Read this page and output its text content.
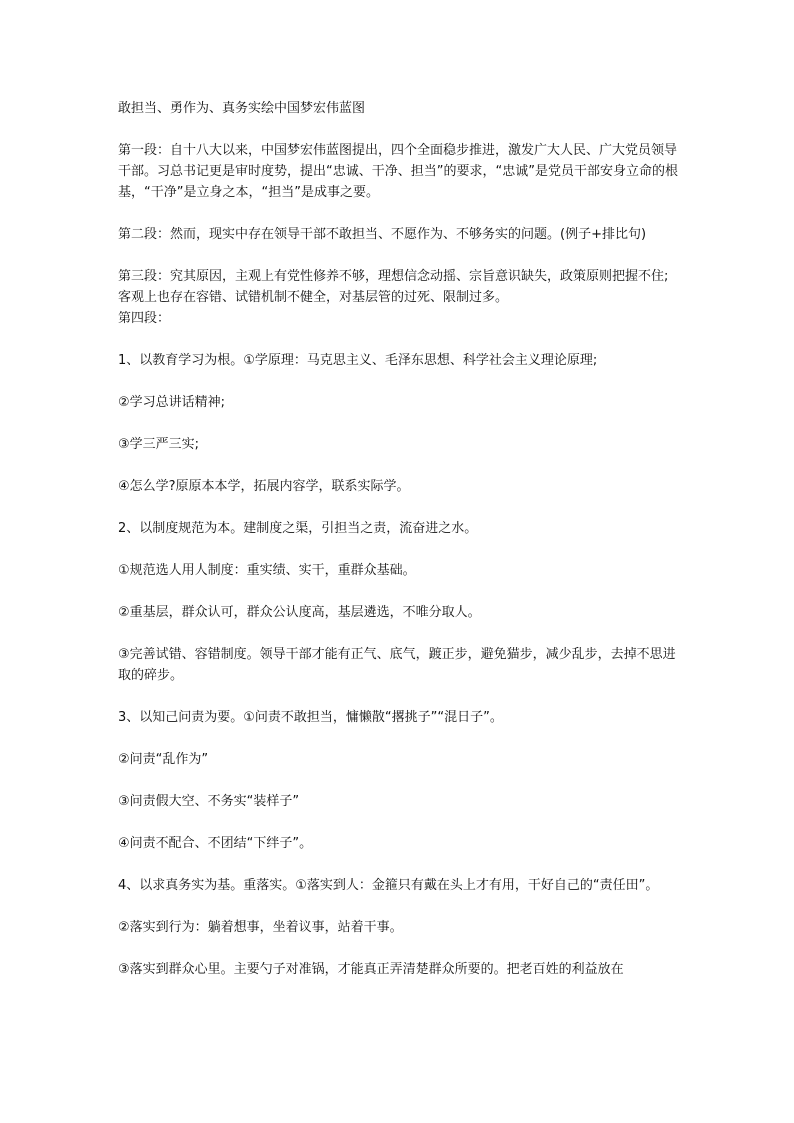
敢担当、勇作为、真务实绘中国梦宏伟蓝图

第一段：自十八大以来，中国梦宏伟蓝图提出，四个全面稳步推进，激发广大人民、广大党员领导干部。习总书记更是审时度势，提出“忠诚、干净、担当”的要求，“忠诚”是党员干部安身立命的根基，“干净”是立身之本，“担当”是成事之要。

第二段：然而，现实中存在领导干部不敢担当、不愿作为、不够务实的问题。(例子+排比句)

第三段：究其原因，主观上有党性修养不够，理想信念动摇、宗旨意识缺失，政策原则把握不住;客观上也存在容错、试错机制不健全，对基层管的过死、限制过多。

第四段：

1、以教育学习为根。①学原理：马克思主义、毛泽东思想、科学社会主义理论原理;

②学习总讲话精神;

③学三严三实;

④怎么学?原原本本学，拓展内容学，联系实际学。

2、以制度规范为本。建制度之渠，引担当之责，流奋进之水。

①规范选人用人制度：重实绩、实干，重群众基础。

②重基层，群众认可，群众公认度高，基层遴选，不唯分取人。

③完善试错、容错制度。领导干部才能有正气、底气，踱正步，避免猫步，减少乱步，去掉不思进取的碎步。

3、以知己问责为要。①问责不敢担当，慵懒散“撂挑子”“混日子”。

②问责“乱作为”

③问责假大空、不务实“装样子”

④问责不配合、不团结“下绊子”。

4、以求真务实为基。重落实。①落实到人：金箍只有戴在头上才有用，干好自己的“责任田”。

②落实到行为：躺着想事，坐着议事，站着干事。

③落实到群众心里。主要勺子对准锅，才能真正弄清楚群众所要的。把老百姓的利益放在
